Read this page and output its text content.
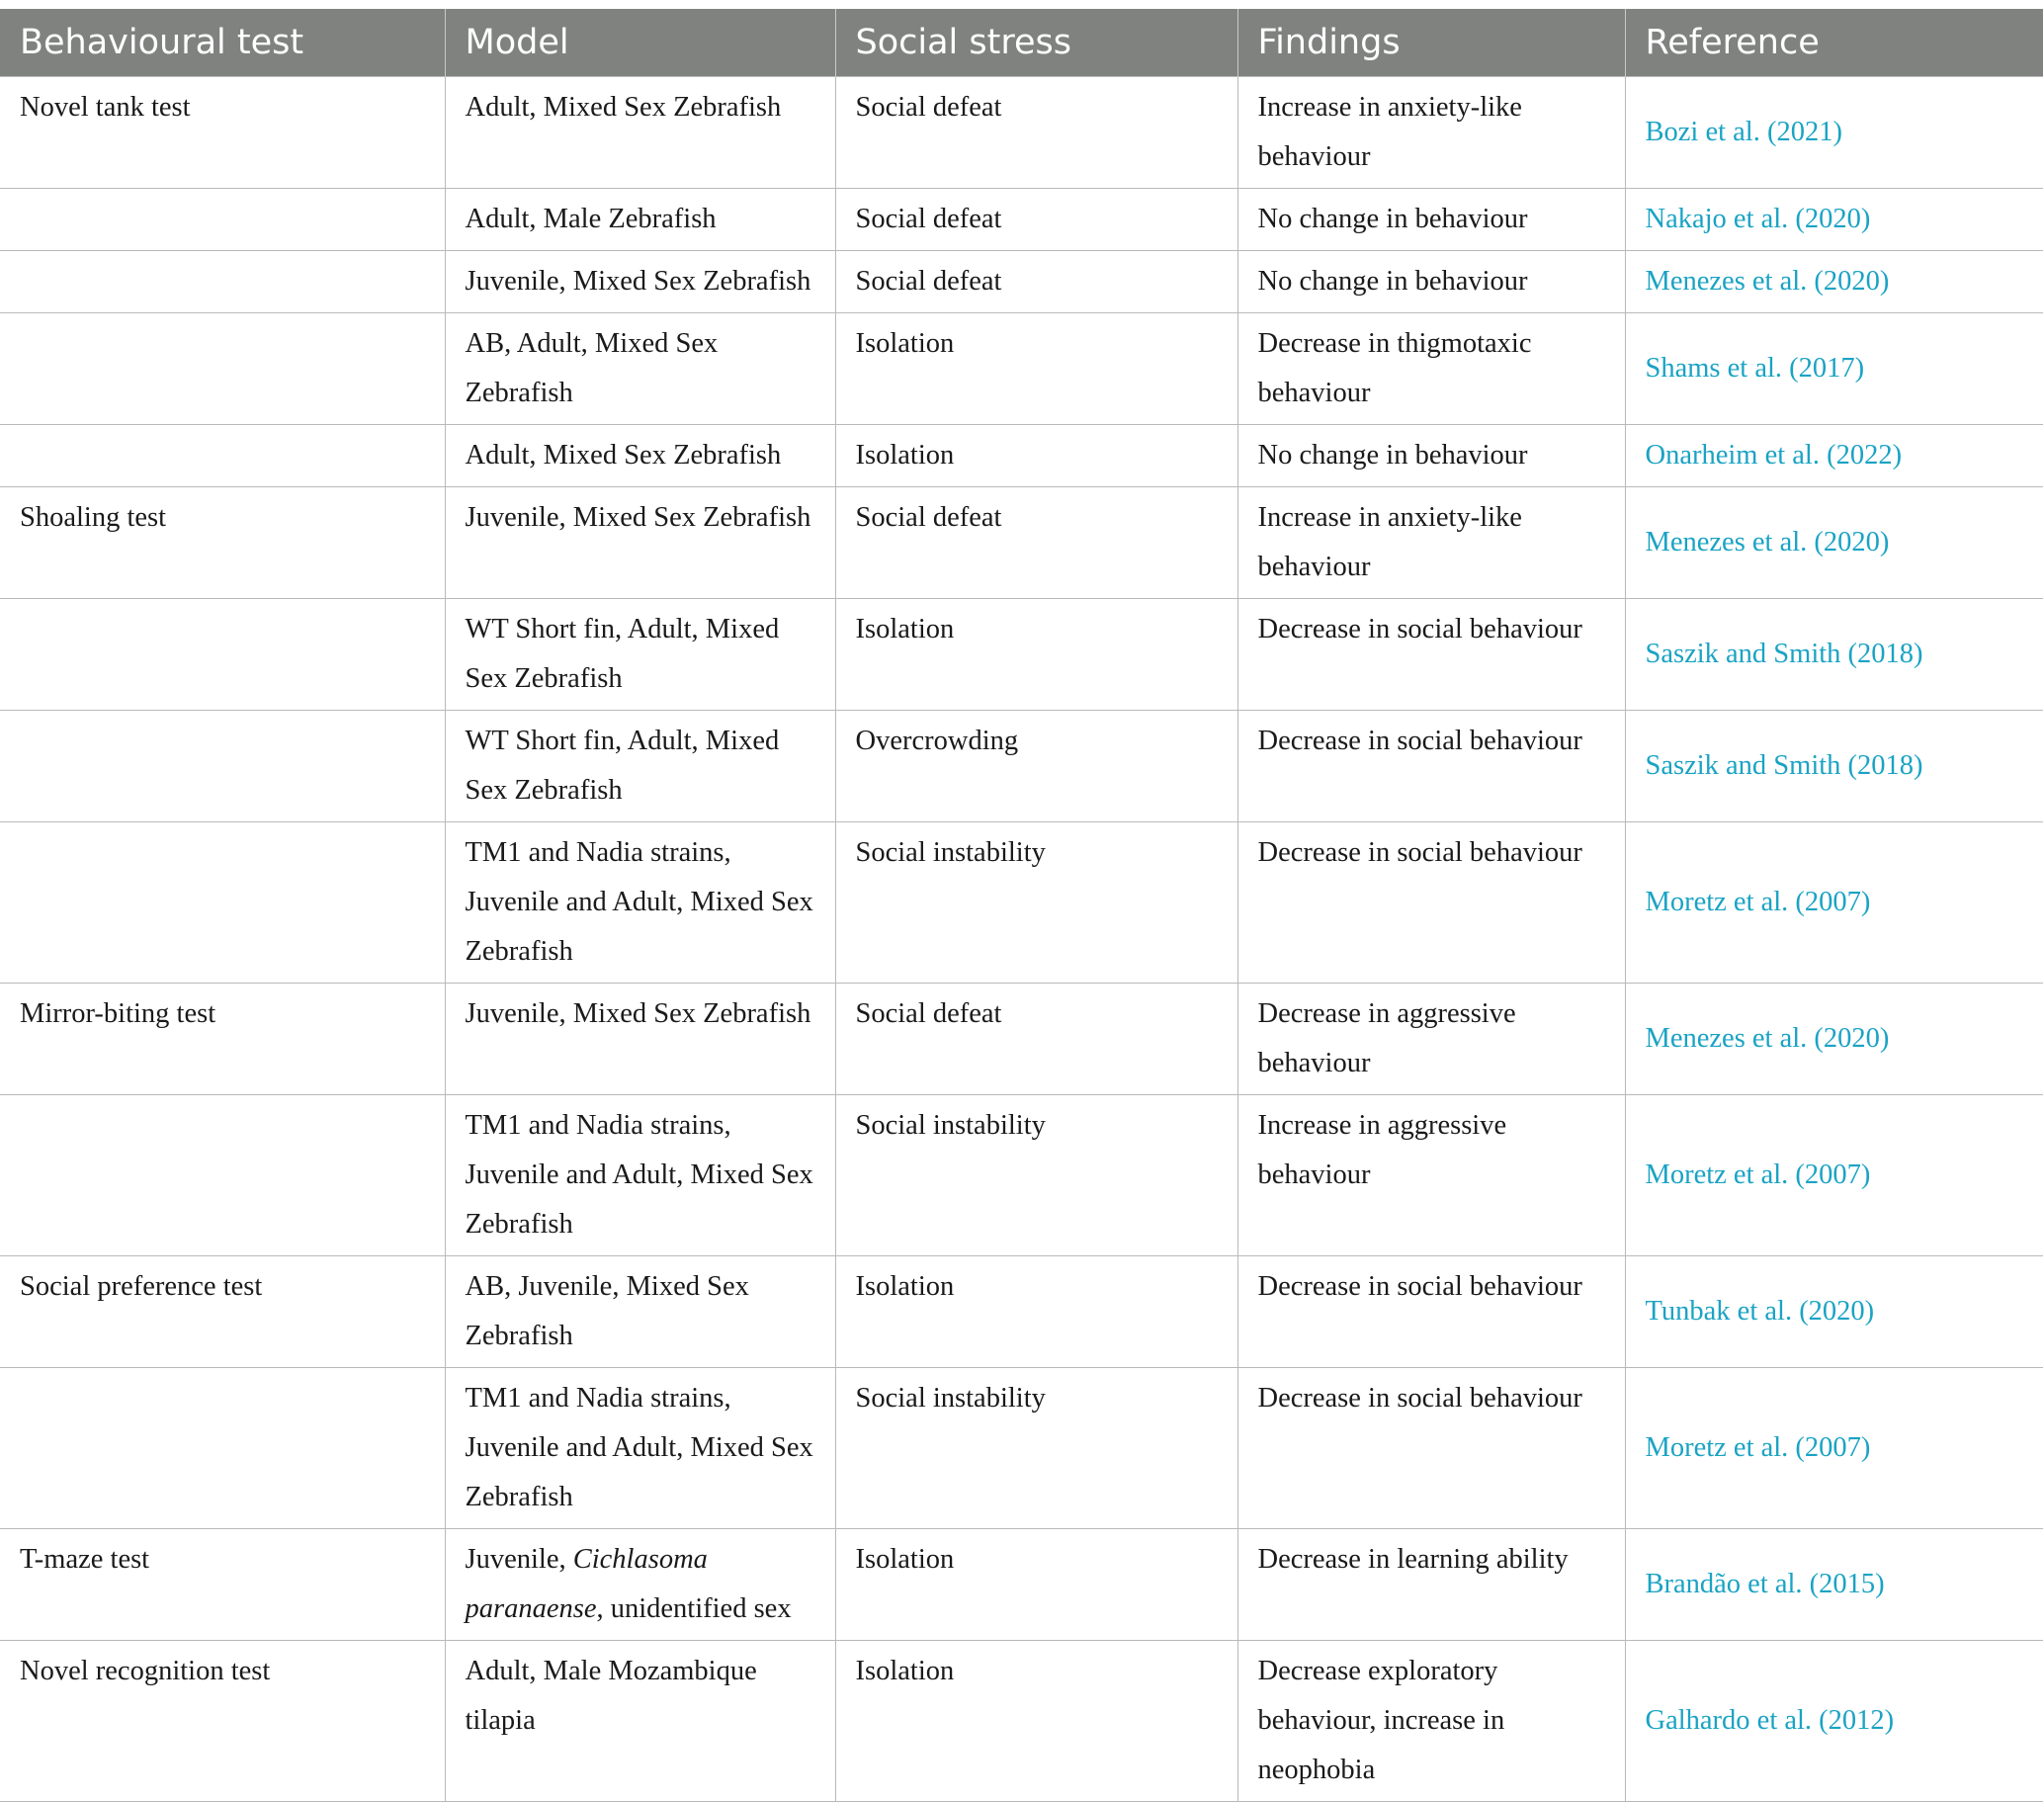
Behavioural test	Model	Social stress	Findings	Reference
Novel tank test	Adult, Mixed Sex Zebrafish	Social defeat	Increase in anxiety-like behaviour	Bozi et al. (2021)
	Adult, Male Zebrafish	Social defeat	No change in behaviour	Nakajo et al. (2020)
	Juvenile, Mixed Sex Zebrafish	Social defeat	No change in behaviour	Menezes et al. (2020)
	AB, Adult, Mixed Sex Zebrafish	Isolation	Decrease in thigmotaxic behaviour	Shams et al. (2017)
	Adult, Mixed Sex Zebrafish	Isolation	No change in behaviour	Onarheim et al. (2022)
Shoaling test	Juvenile, Mixed Sex Zebrafish	Social defeat	Increase in anxiety-like behaviour	Menezes et al. (2020)
	WT Short fin, Adult, Mixed Sex Zebrafish	Isolation	Decrease in social behaviour	Saszik and Smith (2018)
	WT Short fin, Adult, Mixed Sex Zebrafish	Overcrowding	Decrease in social behaviour	Saszik and Smith (2018)
	TM1 and Nadia strains, Juvenile and Adult, Mixed Sex Zebrafish	Social instability	Decrease in social behaviour	Moretz et al. (2007)
Mirror-biting test	Juvenile, Mixed Sex Zebrafish	Social defeat	Decrease in aggressive behaviour	Menezes et al. (2020)
	TM1 and Nadia strains, Juvenile and Adult, Mixed Sex Zebrafish	Social instability	Increase in aggressive behaviour	Moretz et al. (2007)
Social preference test	AB, Juvenile, Mixed Sex Zebrafish	Isolation	Decrease in social behaviour	Tunbak et al. (2020)
	TM1 and Nadia strains, Juvenile and Adult, Mixed Sex Zebrafish	Social instability	Decrease in social behaviour	Moretz et al. (2007)
T-maze test	Juvenile, Cichlasoma paranaense, unidentified sex	Isolation	Decrease in learning ability	Brandão et al. (2015)
Novel recognition test	Adult, Male Mozambique tilapia	Isolation	Decrease exploratory behaviour, increase in neophobia	Galhardo et al. (2012)
